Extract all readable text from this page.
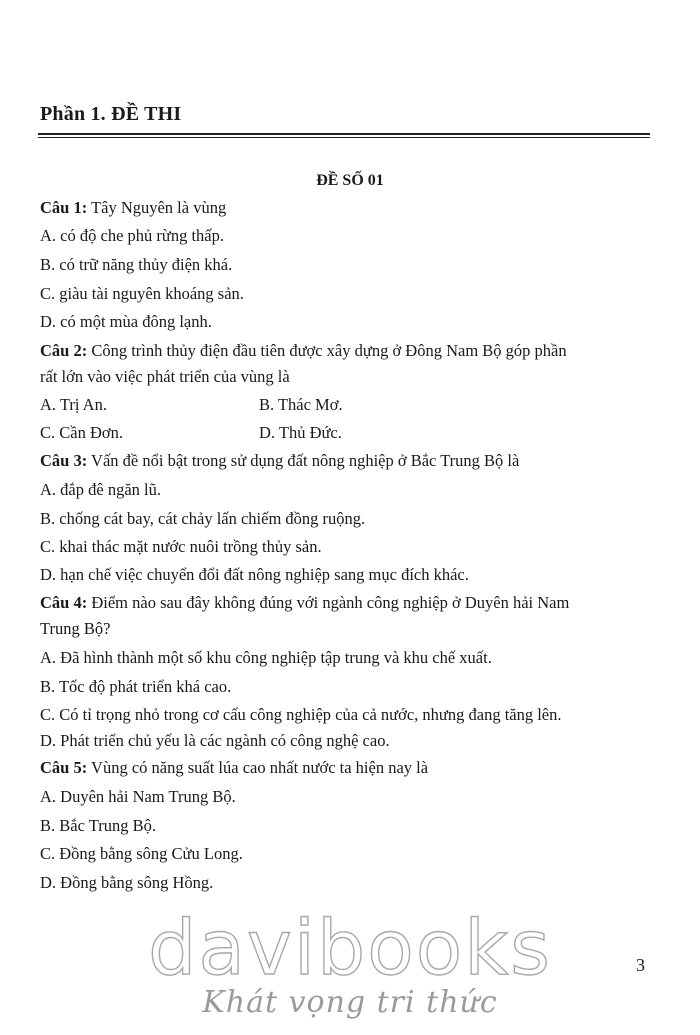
Phần 1. ĐỀ THI
ĐỀ SỐ 01
Câu 1: Tây Nguyên là vùng
A. có độ che phủ rừng thấp.
B. có trữ năng thủy điện khá.
C. giàu tài nguyên khoáng sản.
D. có một mùa đông lạnh.
Câu 2: Công trình thủy điện đầu tiên được xây dựng ở Đông Nam Bộ góp phần
rất lớn vào việc phát triển của vùng là
A. Trị An.	B. Thác Mơ.
C. Cần Đơn.	D. Thủ Đức.
Câu 3: Vấn đề nổi bật trong sử dụng đất nông nghiệp ở Bắc Trung Bộ là
A. đắp đê ngăn lũ.
B. chống cát bay, cát chảy lấn chiếm đồng ruộng.
C. khai thác mặt nước nuôi trồng thủy sản.
D. hạn chế việc chuyển đổi đất nông nghiệp sang mục đích khác.
Câu 4: Điểm nào sau đây không đúng với ngành công nghiệp ở Duyên hải Nam
Trung Bộ?
A. Đã hình thành một số khu công nghiệp tập trung và khu chế xuất.
B. Tốc độ phát triển khá cao.
C. Có tỉ trọng nhỏ trong cơ cấu công nghiệp của cả nước, nhưng đang tăng lên.
D. Phát triển chủ yếu là các ngành có công nghệ cao.
Câu 5: Vùng có năng suất lúa cao nhất nước ta hiện nay là
A. Duyên hải Nam Trung Bộ.
B. Bắc Trung Bộ.
C. Đồng bằng sông Cửu Long.
D. Đồng bằng sông Hồng.
davibooks
Khát vọng tri thức
3
